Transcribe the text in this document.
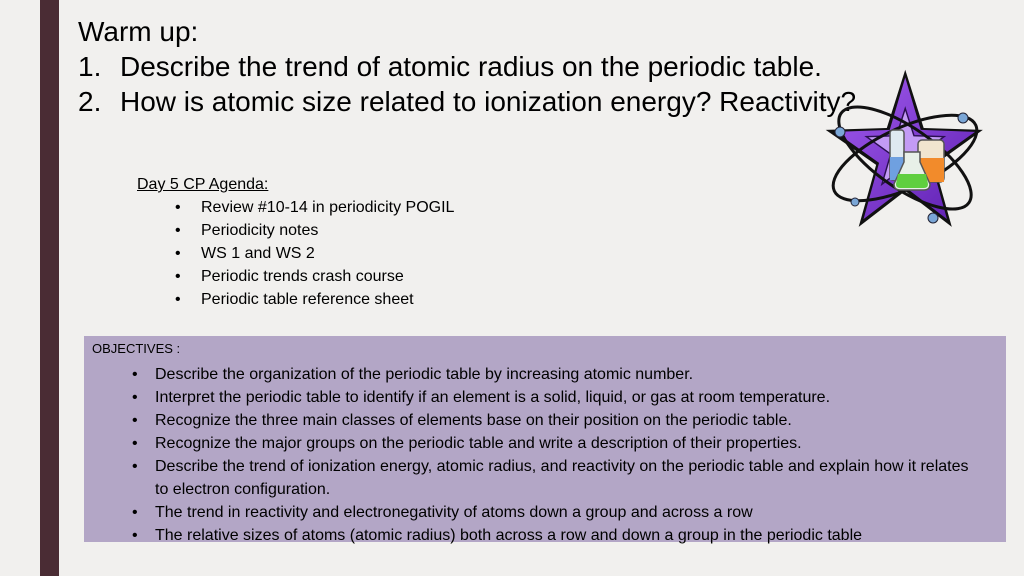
Warm up:

1. Describe the trend of atomic radius on the periodic table.
2. How is atomic size related to ionization energy? Reactivity?

Day 5 CP Agenda:

• Review #10-14 in periodicity POGIL
• Periodicity notes
• WS 1 and WS 2
• Periodic trends crash course
• Periodic table reference sheet

OBJECTIVES :

• Describe the organization of the periodic table by increasing atomic number.
• Interpret the periodic table to identify if an element is a solid, liquid, or gas at room temperature.
• Recognize the three main classes of elements base on their position on the periodic table.
• Recognize the major groups on the periodic table and write a description of their properties.
• Describe the trend of ionization energy, atomic radius, and reactivity on the periodic table and explain how it relates to electron configuration.
• The trend in reactivity and electronegativity of atoms down a group and across a row
• The relative sizes of atoms (atomic radius) both across a row and down a group in the periodic table
